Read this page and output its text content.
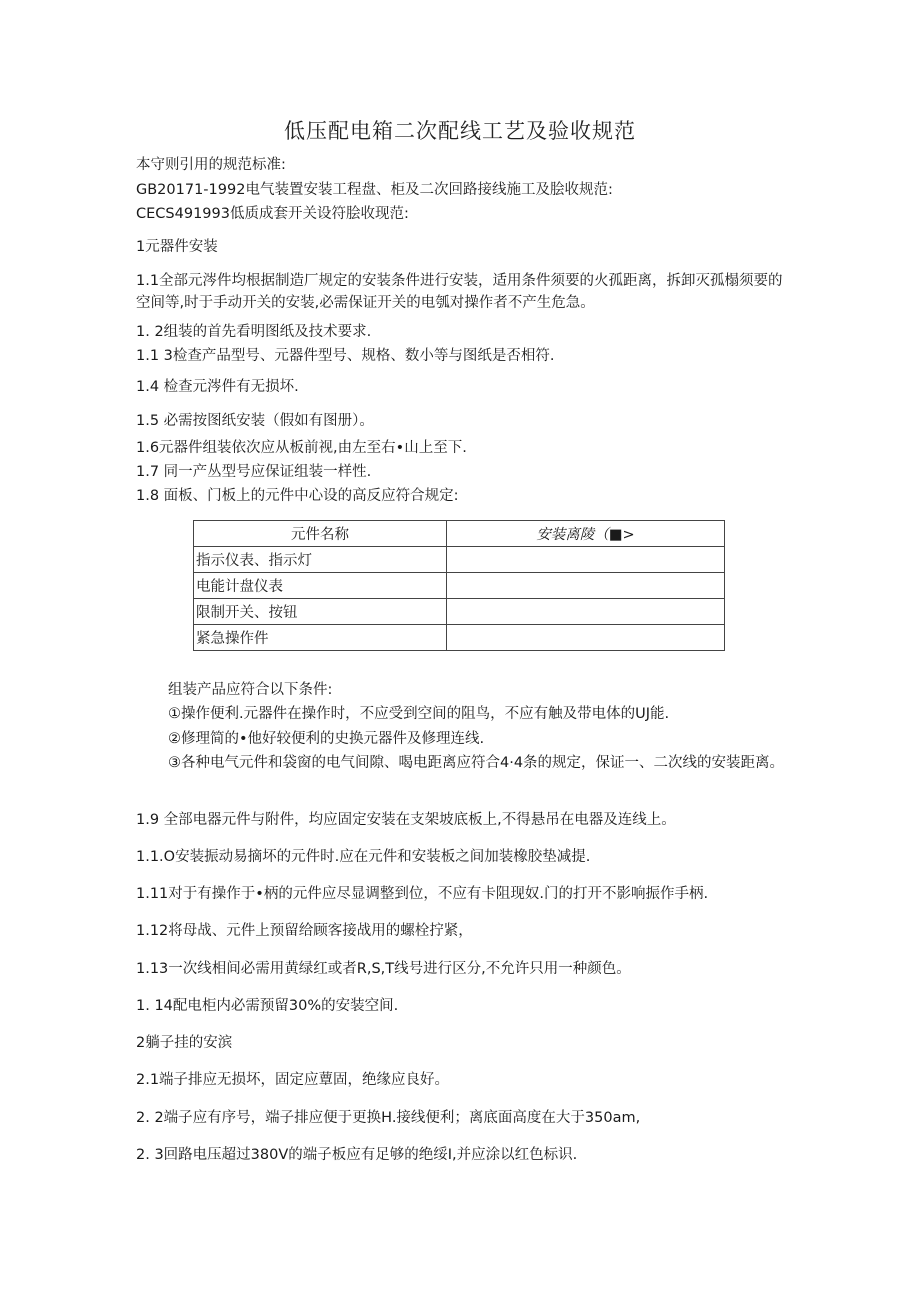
低压配电箱二次配线工艺及验收规范
本守则引用的规范标准:
GB20171-1992电气装置安装工程盘、柜及二次回路接线施工及脍收规范:
CECS491993低质成套开关设符脍收现范:
1元器件安装
1.1全部元涔件均根据制造厂规定的安装条件进行安装，适用条件须要的火孤距离，拆卸灭孤榻须要的空间等,时于手动开关的安装,必需保证开关的电瓠对操作者不产生危急。
1. 2组装的首先看明图纸及技术要求.
1.1 3检查产品型号、元器件型号、规格、数小等与图纸是否相符.
1.4 检查元涔件有无损坏.
1.5 必需按图纸安装（假如有图册）。
1.6元器件组装依次应从板前视,由左至右•山上至下.
1.7 同一产丛型号应保证组装一样性.
1.8 面板、门板上的元件中心设的高反应符合规定:
元件名称	安装离陵（■>
指示仪表、指示灯	
电能计盘仪表	
限制开关、按钮	
紧急操作件	
组装产品应符合以下条件:
①操作便利.元器件在操作时，不应受到空间的阻鸟，不应有触及带电体的UJ能.
②修理简的•他好较便利的史换元器件及修理连线.
③各种电气元件和袋窗的电气间隙、喝电距离应符合4·4条的规定，保证一、二次线的安装距离。
1.9 全部电器元件与附件，均应固定安装在支架坡底板上,不得悬吊在电器及连线上。
1.1.O安装振动易摘坏的元件时.应在元件和安装板之间加装橡胶垫减提.
1.11对于有操作于•柄的元件应尽显调整到位，不应有卡阻现奴.门的打开不影响振作手柄.
1.12将母战、元件上预留给顾客接战用的螺栓拧紧，
1.13一次线相间必需用黄绿红或者R,S,T线号进行区分,不允许只用一种颜色。
1. 14配电柜内必需预留30%的安装空间.
2躺子挂的安滨
2.1端子排应无损坏，固定应蕈固，绝缘应良好。
2. 2端子应有序号，端子排应便于更换H.接线便利；离底面高度在大于350am,
2. 3回路电压超过380V的端子板应有足够的绝绥I,并应涂以红色标识.
